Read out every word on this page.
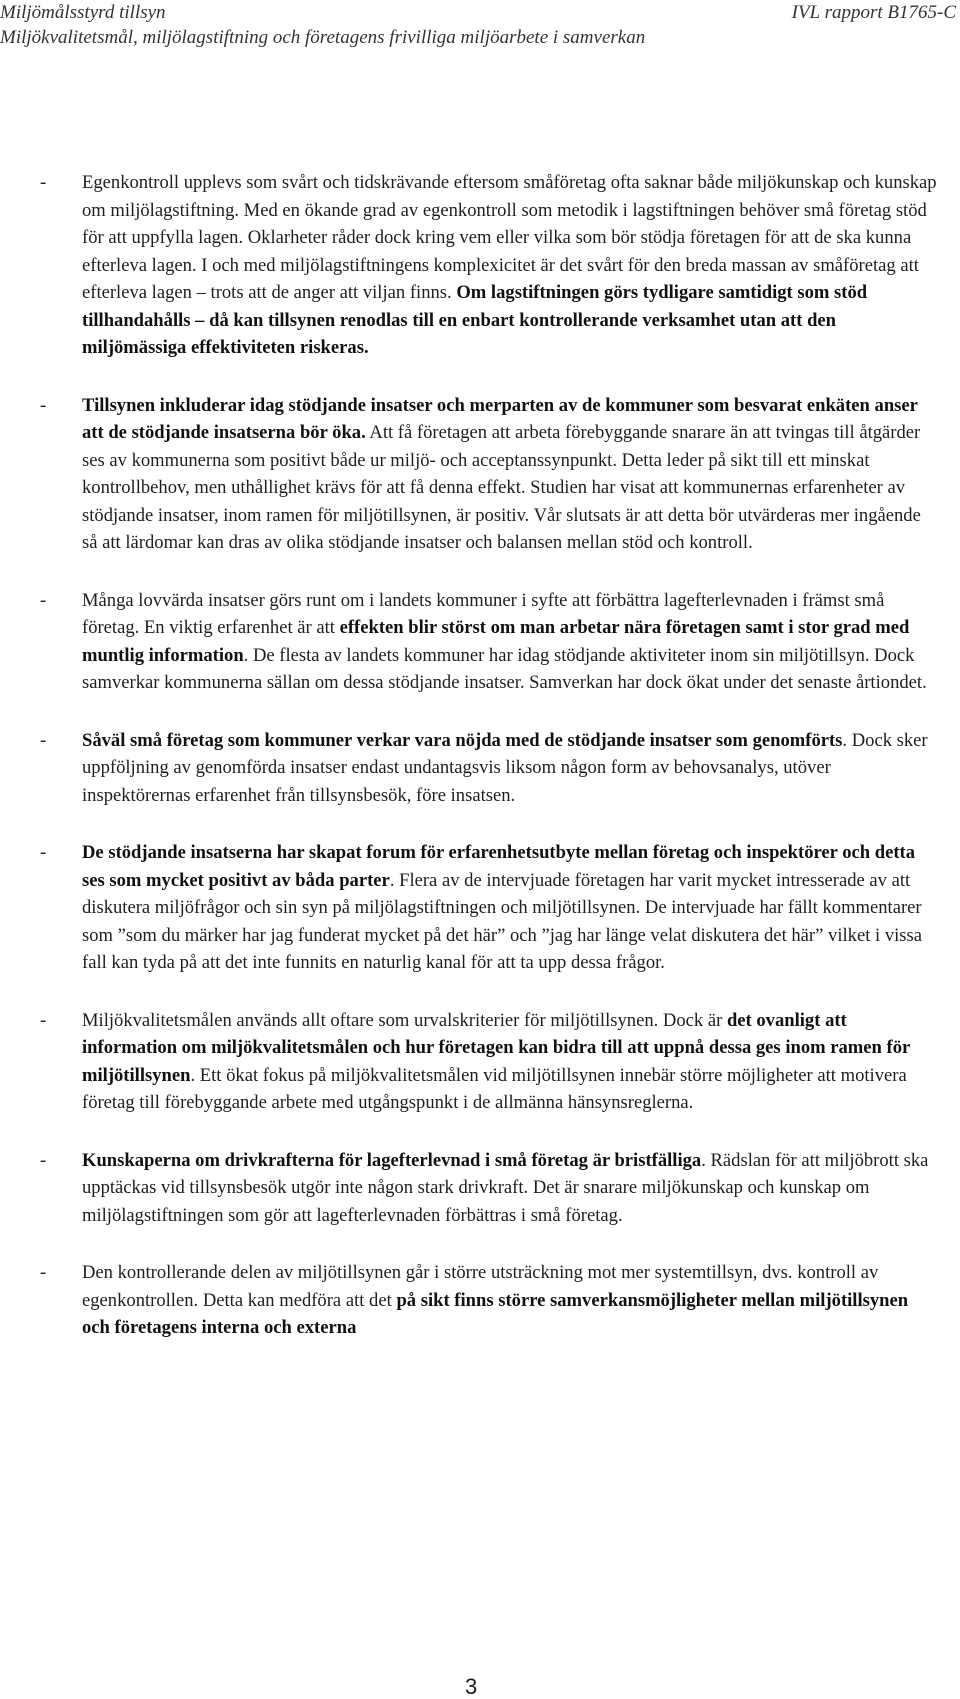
Miljömålsstyrd tillsyn
Miljökvalitetsmål, miljölagstiftning och företagens frivilliga miljöarbete i samverkan
IVL rapport B1765-C
-	Egenkontroll upplevs som svårt och tidskrävande eftersom småföretag ofta saknar både miljökunskap och kunskap om miljölagstiftning. Med en ökande grad av egenkontroll som metodik i lagstiftningen behöver små företag stöd för att uppfylla lagen. Oklarheter råder dock kring vem eller vilka som bör stödja företagen för att de ska kunna efterleva lagen. I och med miljölagstiftningens komplexicitet är det svårt för den breda massan av småföretag att efterleva lagen – trots att de anger att viljan finns. Om lagstiftningen görs tydligare samtidigt som stöd tillhandahålls – då kan tillsynen renodlas till en enbart kontrollerande verksamhet utan att den miljömässiga effektiviteten riskeras.
-	Tillsynen inkluderar idag stödjande insatser och merparten av de kommuner som besvarat enkäten anser att de stödjande insatserna bör öka. Att få företagen att arbeta förebyggande snarare än att tvingas till åtgärder ses av kommunerna som positivt både ur miljö- och acceptanssynpunkt. Detta leder på sikt till ett minskat kontrollbehov, men uthållighet krävs för att få denna effekt. Studien har visat att kommunernas erfarenheter av stödjande insatser, inom ramen för miljötillsynen, är positiv. Vår slutsats är att detta bör utvärderas mer ingående så att lärdomar kan dras av olika stödjande insatser och balansen mellan stöd och kontroll.
-	Många lovvärda insatser görs runt om i landets kommuner i syfte att förbättra lagefterlevnaden i främst små företag. En viktig erfarenhet är att effekten blir störst om man arbetar nära företagen samt i stor grad med muntlig information. De flesta av landets kommuner har idag stödjande aktiviteter inom sin miljötillsyn. Dock samverkar kommunerna sällan om dessa stödjande insatser. Samverkan har dock ökat under det senaste årtiondet.
-	Såväl små företag som kommuner verkar vara nöjda med de stödjande insatser som genomförts. Dock sker uppföljning av genomförda insatser endast undantagsvis liksom någon form av behovsanalys, utöver inspektörernas erfarenhet från tillsynsbesök, före insatsen.
-	De stödjande insatserna har skapat forum för erfarenhetsutbyte mellan företag och inspektörer och detta ses som mycket positivt av båda parter. Flera av de intervjuade företagen har varit mycket intresserade av att diskutera miljöfrågor och sin syn på miljölagstiftningen och miljötillsynen. De intervjuade har fällt kommentarer som ”som du märker har jag funderat mycket på det här” och ”jag har länge velat diskutera det här” vilket i vissa fall kan tyda på att det inte funnits en naturlig kanal för att ta upp dessa frågor.
-	Miljökvalitetsmålen används allt oftare som urvalskriterier för miljötillsynen. Dock är det ovanligt att information om miljökvalitetsmålen och hur företagen kan bidra till att uppnå dessa ges inom ramen för miljötillsynen. Ett ökat fokus på miljökvalitetsmålen vid miljötillsynen innebär större möjligheter att motivera företag till förebyggande arbete med utgångspunkt i de allmänna hänsynsreglerna.
-	Kunskaperna om drivkrafterna för lagefterlevnad i små företag är bristfälliga. Rädslan för att miljöbrott ska upptäckas vid tillsynsbesök utgör inte någon stark drivkraft. Det är snarare miljökunskap och kunskap om miljölagstiftningen som gör att lagefterlevnaden förbättras i små företag.
-	Den kontrollerande delen av miljötillsynen går i större utsträckning mot mer systemtillsyn, dvs. kontroll av egenkontrollen. Detta kan medföra att det på sikt finns större samverkansmöjligheter mellan miljötillsynen och företagens interna och externa
3
